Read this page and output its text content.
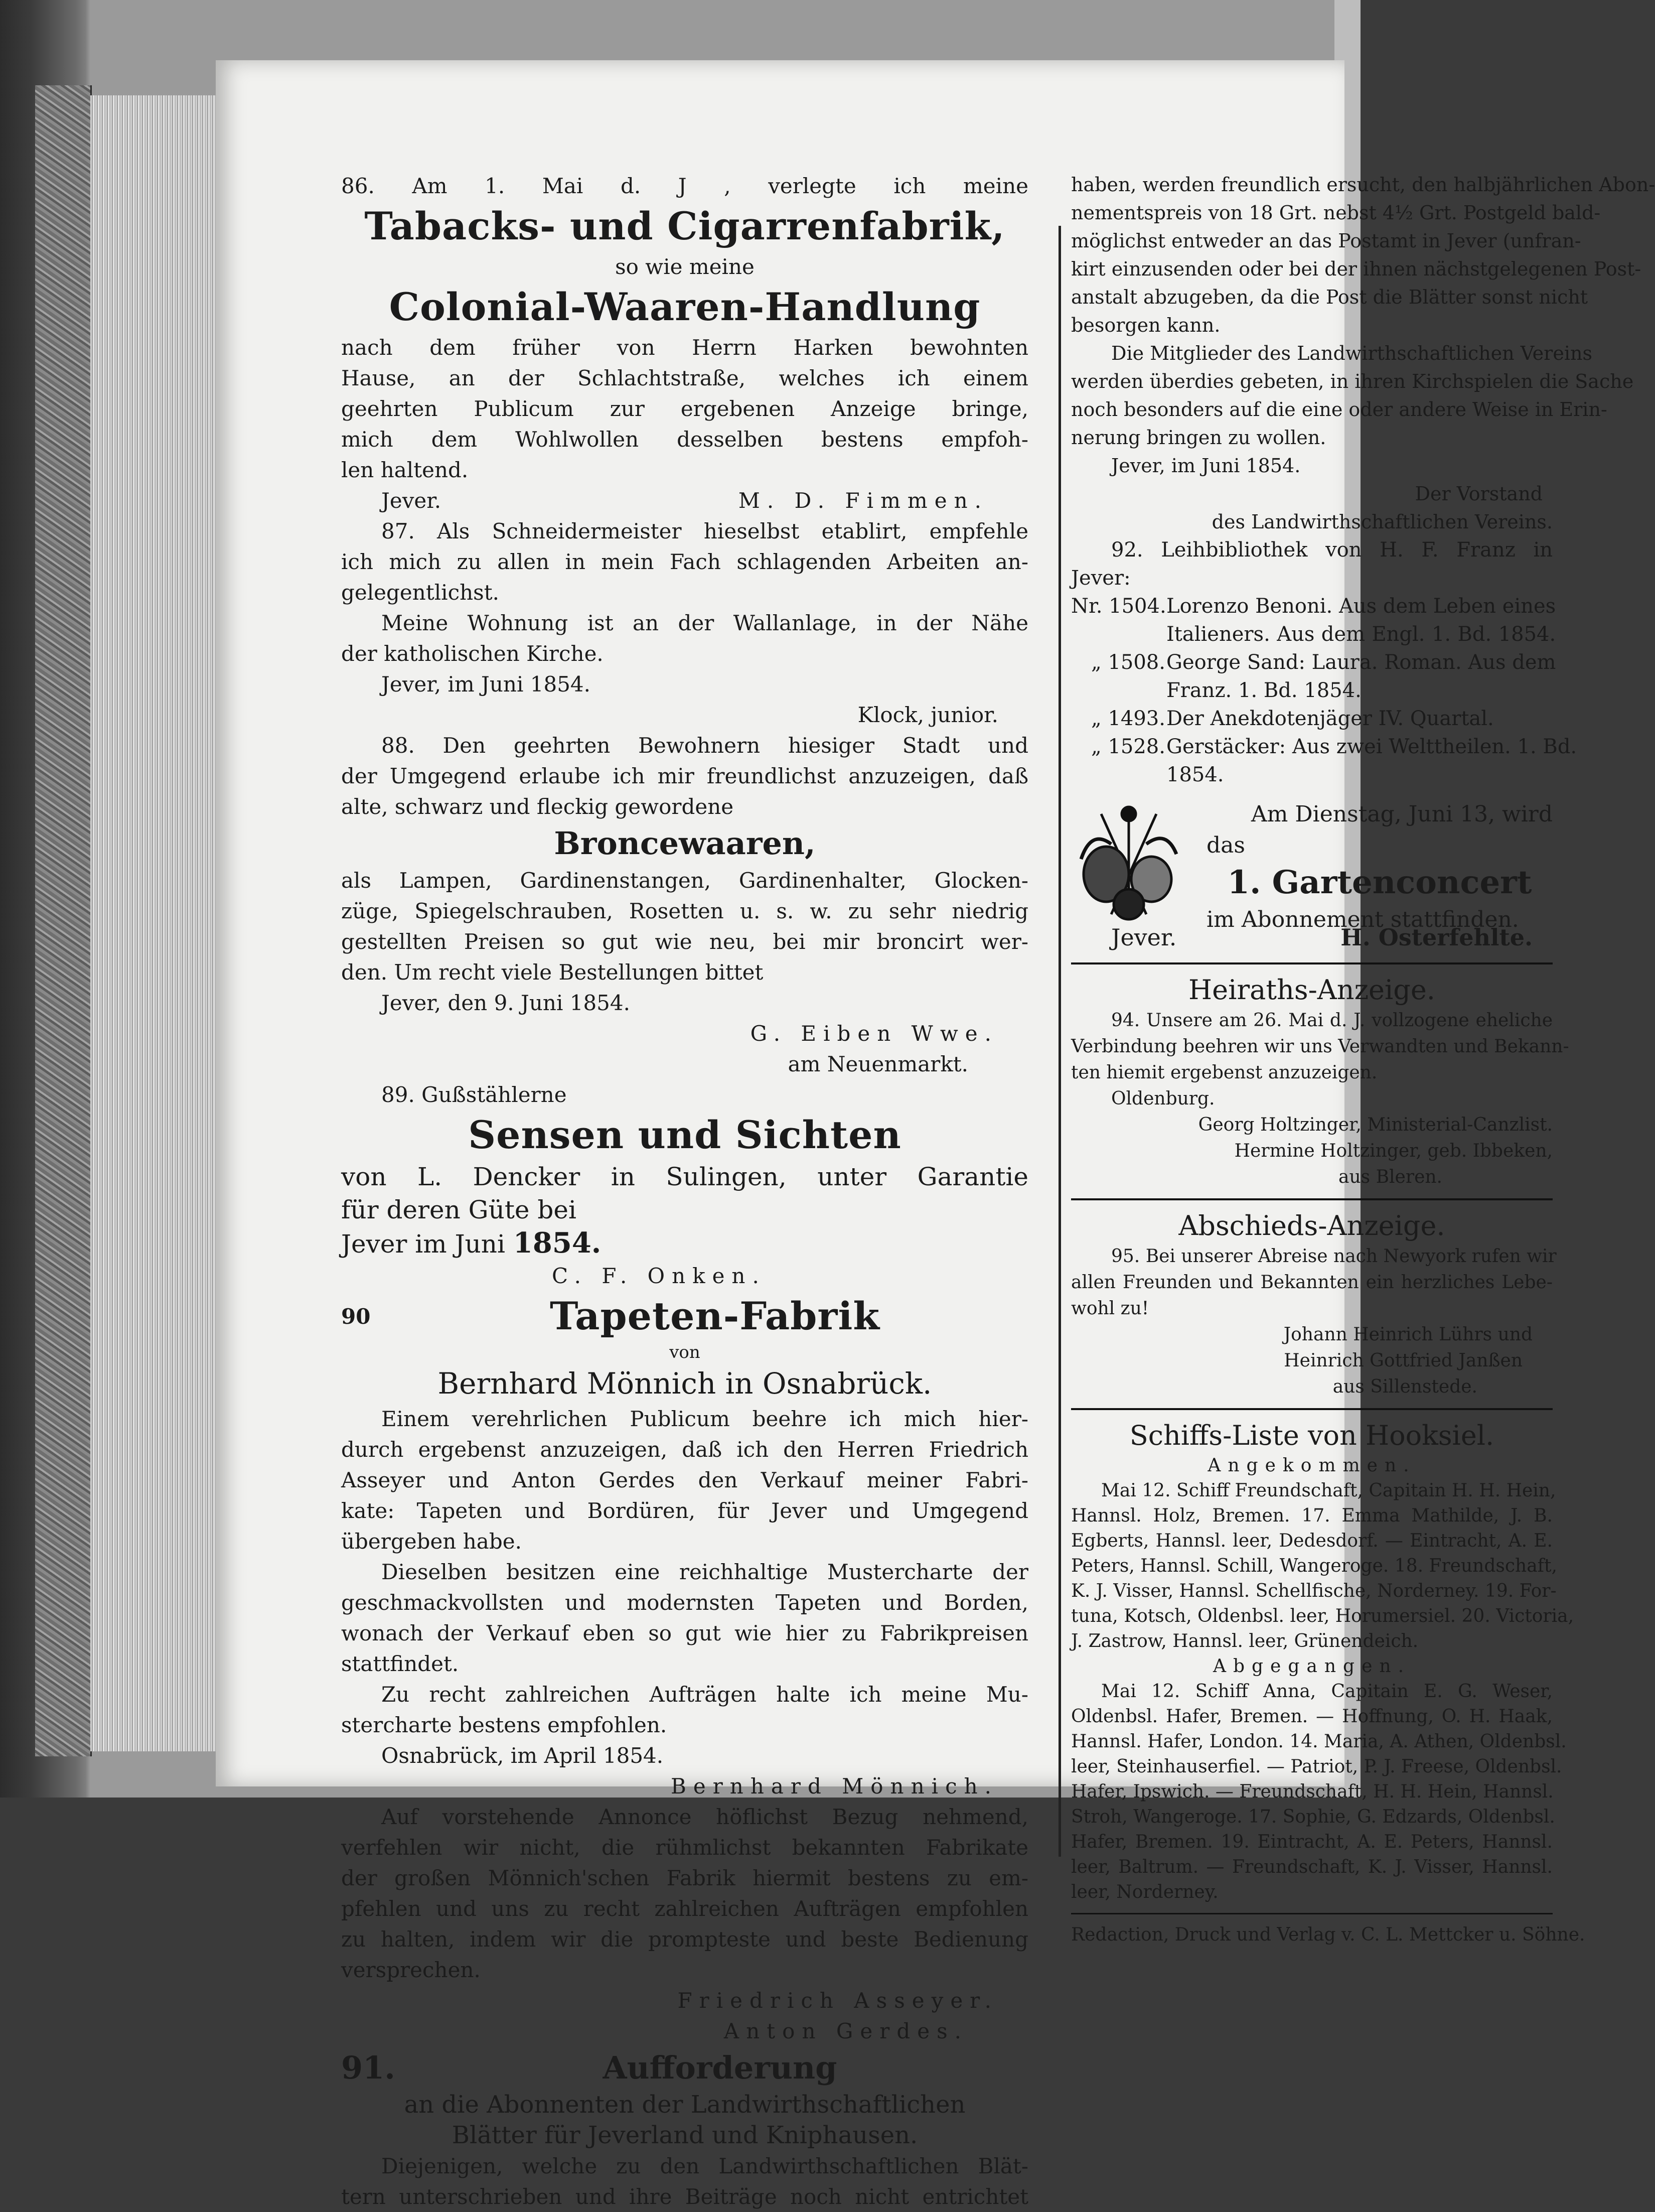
86. Am 1. Mai d. J , verlegte ich meine
Tabacks- und Cigarrenfabrik,
so wie meine
Colonial-Waaren-Handlung
nach dem früher von Herrn Harken bewohnten
Hause, an der Schlachtstraße, welches ich einem
geehrten Publicum zur ergebenen Anzeige bringe,
mich dem Wohlwollen desselben bestens empfoh-
len haltend.
Jever.	M. D. Fimmen.
87. Als Schneidermeister hieselbst etablirt, empfehle
ich mich zu allen in mein Fach schlagenden Arbeiten an-
gelegentlichst.
Meine Wohnung ist an der Wallanlage, in der Nähe
der katholischen Kirche.
Jever, im Juni 1854.
Klock, junior.
88. Den geehrten Bewohnern hiesiger Stadt und
der Umgegend erlaube ich mir freundlichst anzuzeigen, daß
alte, schwarz und fleckig gewordene
Broncewaaren,
als Lampen, Gardinenstangen, Gardinenhalter, Glocken-
züge, Spiegelschrauben, Rosetten u. s. w. zu sehr niedrig
gestellten Preisen so gut wie neu, bei mir broncirt wer-
den. Um recht viele Bestellungen bittet
Jever, den 9. Juni 1854.
G. Eiben Wwe.
am Neuenmarkt.
89. Gußstählerne
Sensen und Sichten
von L. Dencker in Sulingen, unter Garantie
für deren Güte bei
Jever im Juni 1854.
C. F. Onken.
90	Tapeten-Fabrik
von
Bernhard Mönnich in Osnabrück.
Einem verehrlichen Publicum beehre ich mich hier-
durch ergebenst anzuzeigen, daß ich den Herren Friedrich
Asseyer und Anton Gerdes den Verkauf meiner Fabri-
kate: Tapeten und Bordüren, für Jever und Umgegend
übergeben habe.
Dieselben besitzen eine reichhaltige Mustercharte der
geschmackvollsten und modernsten Tapeten und Borden,
wonach der Verkauf eben so gut wie hier zu Fabrikpreisen
stattfindet.
Zu recht zahlreichen Aufträgen halte ich meine Mu-
stercharte bestens empfohlen.
Osnabrück, im April 1854.
Bernhard Mönnich.
Auf vorstehende Annonce höflichst Bezug nehmend,
verfehlen wir nicht, die rühmlichst bekannten Fabrikate
der großen Mönnich'schen Fabrik hiermit bestens zu em-
pfehlen und uns zu recht zahlreichen Aufträgen empfohlen
zu halten, indem wir die prompteste und beste Bedienung
versprechen.
Friedrich Asseyer.
Anton Gerdes.
91.	Aufforderung
an die Abonnenten der Landwirthschaftlichen
Blätter für Jeverland und Kniphausen.
Diejenigen, welche zu den Landwirthschaftlichen Blät-
tern unterschrieben und ihre Beiträge noch nicht entrichtet
haben, werden freundlich ersucht, den halbjährlichen Abon-
nementspreis von 18 Grt. nebst 4½ Grt. Postgeld bald-
möglichst entweder an das Postamt in Jever (unfran-
kirt einzusenden oder bei der ihnen nächstgelegenen Post-
anstalt abzugeben, da die Post die Blätter sonst nicht
besorgen kann.
Die Mitglieder des Landwirthschaftlichen Vereins
werden überdies gebeten, in ihren Kirchspielen die Sache
noch besonders auf die eine oder andere Weise in Erin-
nerung bringen zu wollen.
Jever, im Juni 1854.
Der Vorstand
des Landwirthschaftlichen Vereins.
92. Leihbibliothek von H. F. Franz in
Jever:
Nr. 1504. Lorenzo Benoni. Aus dem Leben eines
Italieners. Aus dem Engl. 1. Bd. 1854.
„ 1508. George Sand: Laura. Roman. Aus dem
Franz. 1. Bd. 1854.
„ 1493. Der Anekdotenjäger IV. Quartal.
„ 1528. Gerstäcker: Aus zwei Welttheilen. 1. Bd.
1854.
Am Dienstag, Juni 13, wird
das
1. Gartenconcert
im Abonnement stattfinden.
Jever.	H. Osterfehlte.
Heiraths-Anzeige.
94. Unsere am 26. Mai d. J. vollzogene eheliche
Verbindung beehren wir uns Verwandten und Bekann-
ten hiemit ergebenst anzuzeigen.
Oldenburg.
Georg Holtzinger, Ministerial-Canzlist.
Hermine Holtzinger, geb. Ibbeken,
aus Bleren.
Abschieds-Anzeige.
95. Bei unserer Abreise nach Newyork rufen wir
allen Freunden und Bekannten ein herzliches Lebe-
wohl zu!
Johann Heinrich Lührs und
Heinrich Gottfried Janßen
aus Sillenstede.
Schiffs-Liste von Hooksiel.
Angekommen.
Mai 12. Schiff Freundschaft, Capitain H. H. Hein,
Hannsl. Holz, Bremen. 17. Emma Mathilde, J. B.
Egberts, Hannsl. leer, Dedesdorf. — Eintracht, A. E.
Peters, Hannsl. Schill, Wangeroge. 18. Freundschaft,
K. J. Visser, Hannsl. Schellfische, Norderney. 19. For-
tuna, Kotsch, Oldenbsl. leer, Horumersiel. 20. Victoria,
J. Zastrow, Hannsl. leer, Grünendeich.
Abgegangen.
Mai 12. Schiff Anna, Capitain E. G. Weser,
Oldenbsl. Hafer, Bremen. — Hoffnung, O. H. Haak,
Hannsl. Hafer, London. 14. Maria, A. Athen, Oldenbsl.
leer, Steinhauserfiel. — Patriot, P. J. Freese, Oldenbsl.
Hafer, Ipswich. — Freundschaft, H. H. Hein, Hannsl.
Stroh, Wangeroge. 17. Sophie, G. Edzards, Oldenbsl.
Hafer, Bremen. 19. Eintracht, A. E. Peters, Hannsl.
leer, Baltrum. — Freundschaft, K. J. Visser, Hannsl.
leer, Norderney.
Redaction, Druck und Verlag v. C. L. Mettcker u. Söhne.
